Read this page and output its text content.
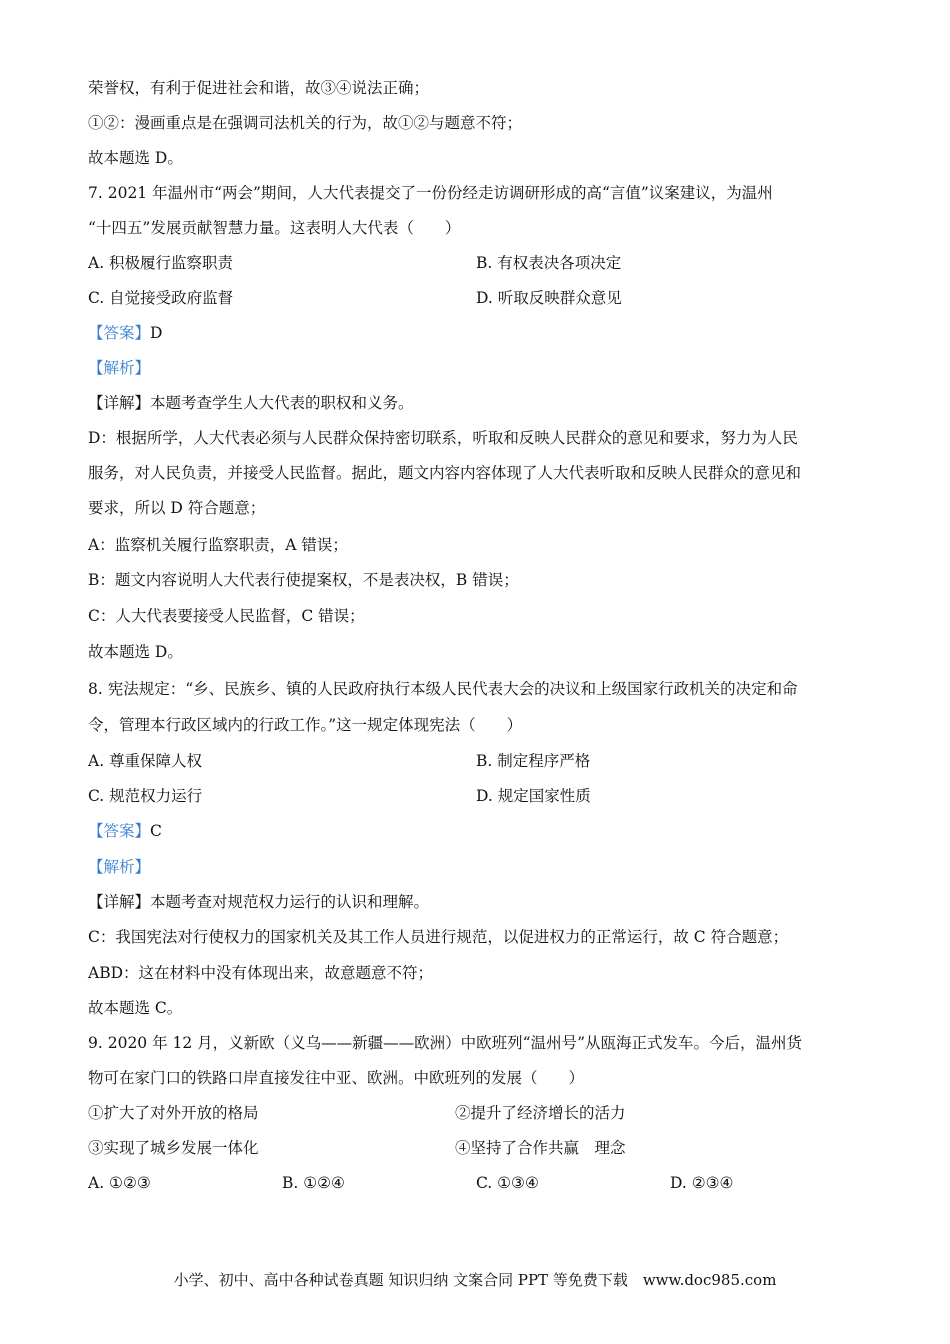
荣誉权，有利于促进社会和谐，故③④说法正确；
①②：漫画重点是在强调司法机关的行为，故①②与题意不符；
故本题选 D。
7. 2021 年温州市“两会”期间，人大代表提交了一份份经走访调研形成的高“言值”议案建议，为温州
“十四五”发展贡献智慧力量。这表明人大代表（　　）
A. 积极履行监察职责	B. 有权表决各项决定
C. 自觉接受政府监督	D. 听取反映群众意见
【答案】D
【解析】
【详解】本题考查学生人大代表的职权和义务。
D：根据所学，人大代表必须与人民群众保持密切联系，听取和反映人民群众的意见和要求，努力为人民
服务，对人民负责，并接受人民监督。据此，题文内容内容体现了人大代表听取和反映人民群众的意见和
要求，所以 D 符合题意；
A：监察机关履行监察职责，A 错误；
B：题文内容说明人大代表行使提案权，不是表决权，B 错误；
C：人大代表要接受人民监督，C 错误；
故本题选 D。
8. 宪法规定：“乡、民族乡、镇的人民政府执行本级人民代表大会的决议和上级国家行政机关的决定和命
令，管理本行政区域内的行政工作。”这一规定体现宪法（　　）
A. 尊重保障人权	B. 制定程序严格
C. 规范权力运行	D. 规定国家性质
【答案】C
【解析】
【详解】本题考查对规范权力运行的认识和理解。
C：我国宪法对行使权力的国家机关及其工作人员进行规范，以促进权力的正常运行，故 C 符合题意；
ABD：这在材料中没有体现出来，故意题意不符；
故本题选 C。
9. 2020 年 12 月，义新欧（义乌——新疆——欧洲）中欧班列“温州号”从瓯海正式发车。今后，温州货
物可在家门口的铁路口岸直接发往中亚、欧洲。中欧班列的发展（　　）
①扩大了对外开放的格局	②提升了经济增长的活力
③实现了城乡发展一体化	④坚持了合作共赢　理念
A. ①②③	B. ①②④	C. ①③④	D. ②③④
小学、初中、高中各种试卷真题 知识归纳 文案合同 PPT 等免费下载　www.doc985.com
